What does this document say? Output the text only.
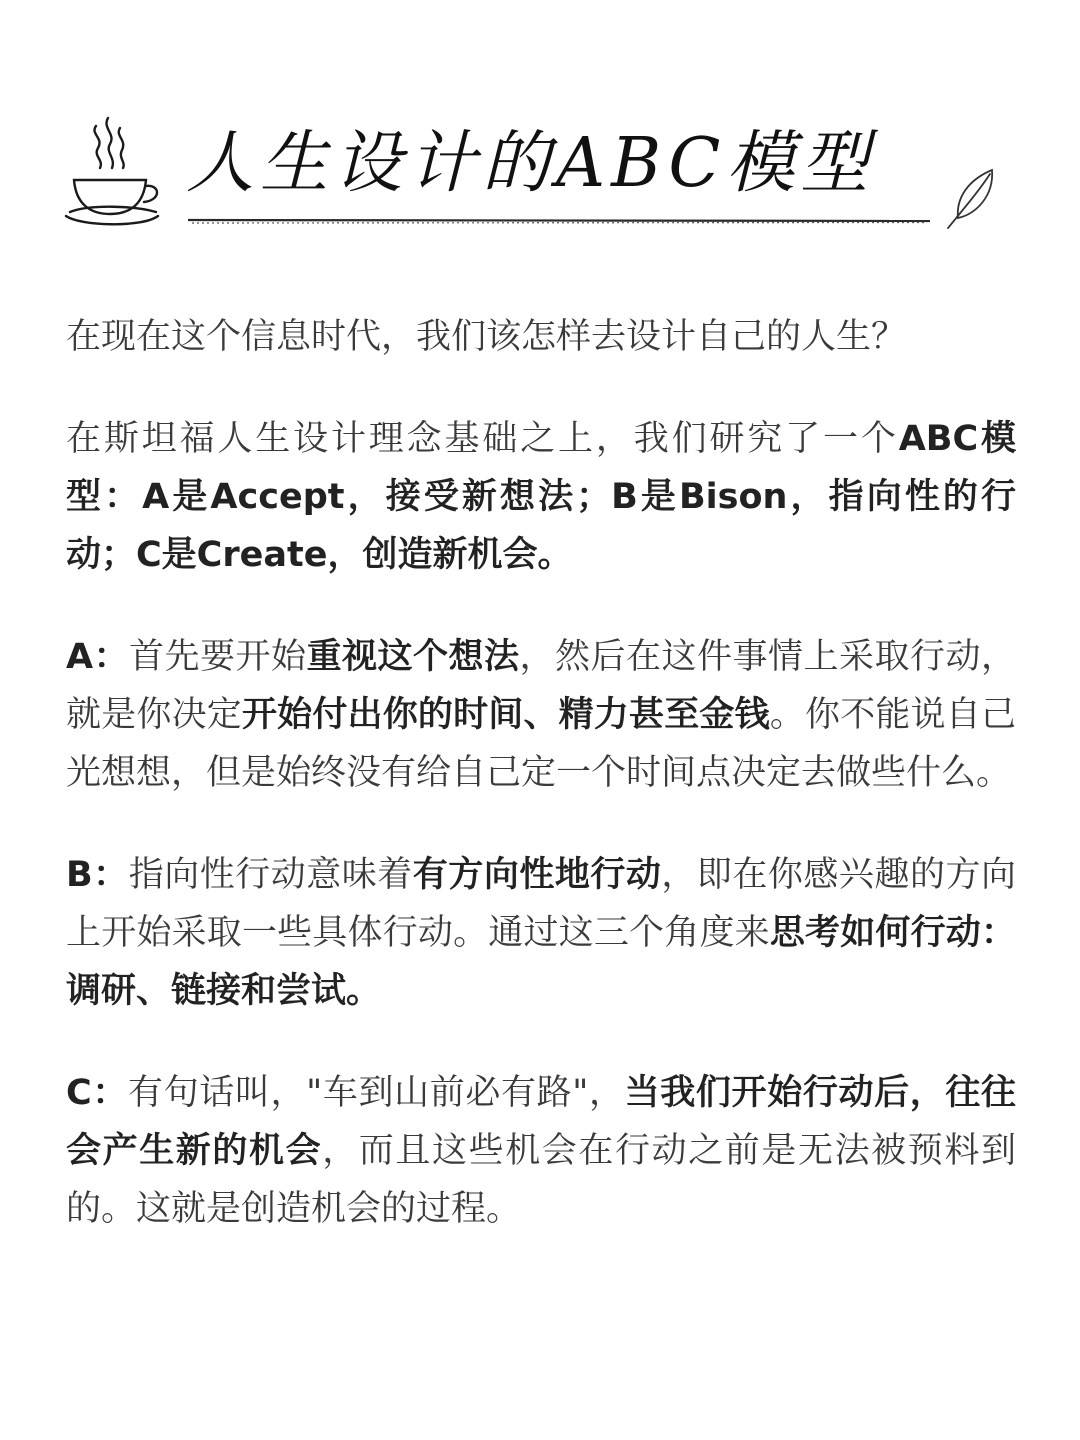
人生设计的ABC模型

在现在这个信息时代，我们该怎样去设计自己的人生？

在斯坦福人生设计理念基础之上，我们研究了一个ABC模型：A是Accept，接受新想法；B是Bison，指向性的行动；C是Create，创造新机会。

A：首先要开始重视这个想法，然后在这件事情上采取行动，就是你决定开始付出你的时间、精力甚至金钱。你不能说自己光想想，但是始终没有给自己定一个时间点决定去做些什么。

B：指向性行动意味着有方向性地行动，即在你感兴趣的方向上开始采取一些具体行动。通过这三个角度来思考如何行动：调研、链接和尝试。

C：有句话叫，"车到山前必有路"，当我们开始行动后，往往会产生新的机会，而且这些机会在行动之前是无法被预料到的。这就是创造机会的过程。
